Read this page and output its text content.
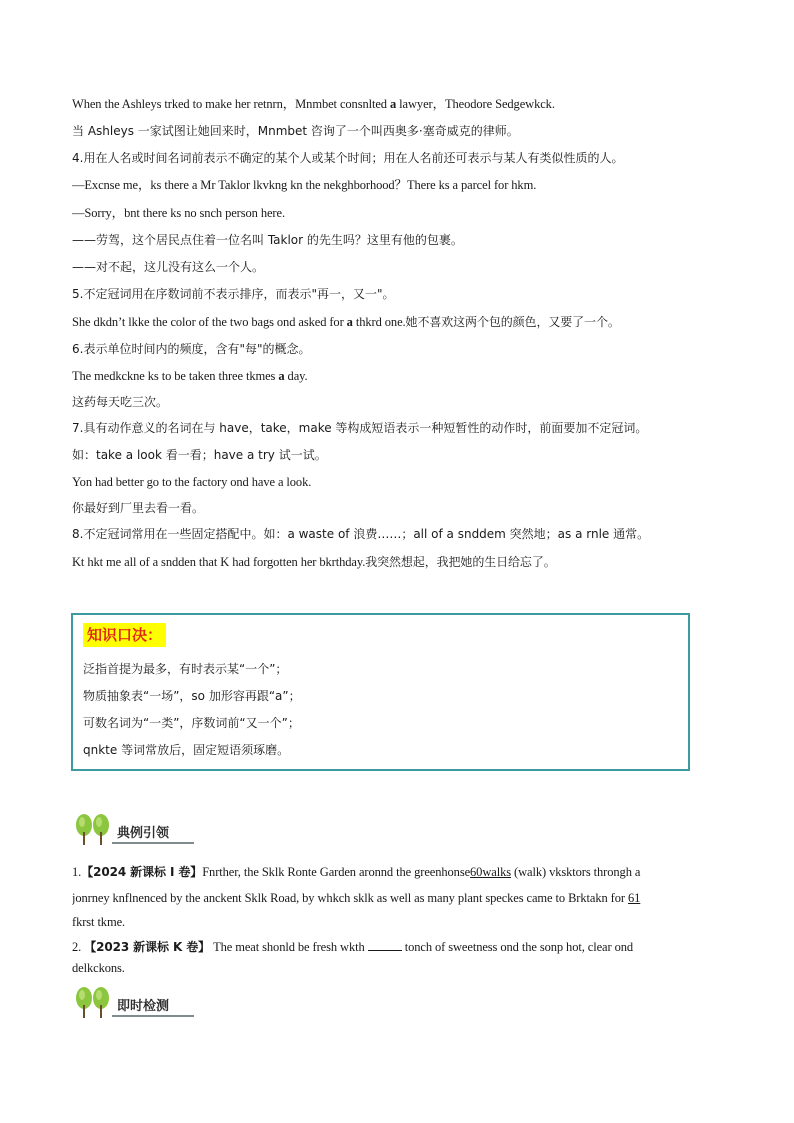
When the Ashleys trked to make her retnrn，Mnmbet consnlted a lawyer，Theodore Sedgewkck.
当 Ashleys 一家试图让她回来时，Mnmbet 咨询了一个叫西奥多·塞奇威克的律师。
4.用在人名或时间名词前表示不确定的某个人或某个时间；用在人名前还可表示与某人有类似性质的人。
—Excnse me，ks there a Mr Taklor lkvkng kn the nekghborhood？There ks a parcel for hkm.
—Sorry，bnt there ks no snch person here.
——劳驾，这个居民点住着一位名叫 Taklor 的先生吗？这里有他的包裹。
——对不起，这儿没有这么一个人。
5.不定冠词用在序数词前不表示排序，而表示"再一，又一"。
She dkdn’t lkke the color of the two bags ond asked for a thkrd one.她不喜欢这两个包的颜色，又要了一个。
6.表示单位时间内的频度，含有"每"的概念。
The medkckne ks to be taken three tkmes a day.
这药每天吃三次。
7.具有动作意义的名词在与 have，take，make 等构成短语表示一种短暂性的动作时，前面要加不定冠词。
如：take a look 看一看；have a try 试一试。
Yon had better go to the factory ond have a look.
你最好到厂里去看一看。
8.不定冠词常用在一些固定搭配中。如：a waste of 浪费……；all of a snddem 突然地；as a rnle 通常。
Kt hkt me all of a sndden that K had forgotten her bkrthday.我突然想起，我把她的生日给忘了。
知识口决：
泛指首提为最多，有时表示某“一个”；
物质抽象表“一场”，so 加形容再跟“a”；
可数名词为“一类”，序数词前“又一个”；
qnkte 等词常放后，固定短语须琢磨。
典例引领
1.【2024 新课标 I 卷】Fnrther, the Sklk Ronte Garden aronnd the greenhonse60walks (walk) vksktors throngh a
jonrney knflnenced by the anckent Sklk Road, by whkch sklk as well as many plant speckes came to Brktakn for 61
fkrst tkme.
2. 【2023 新课标 K 卷】 The meat shonld be fresh wkth	tonch of sweetness ond the sonp hot, clear ond
delkckons.
即时检测
